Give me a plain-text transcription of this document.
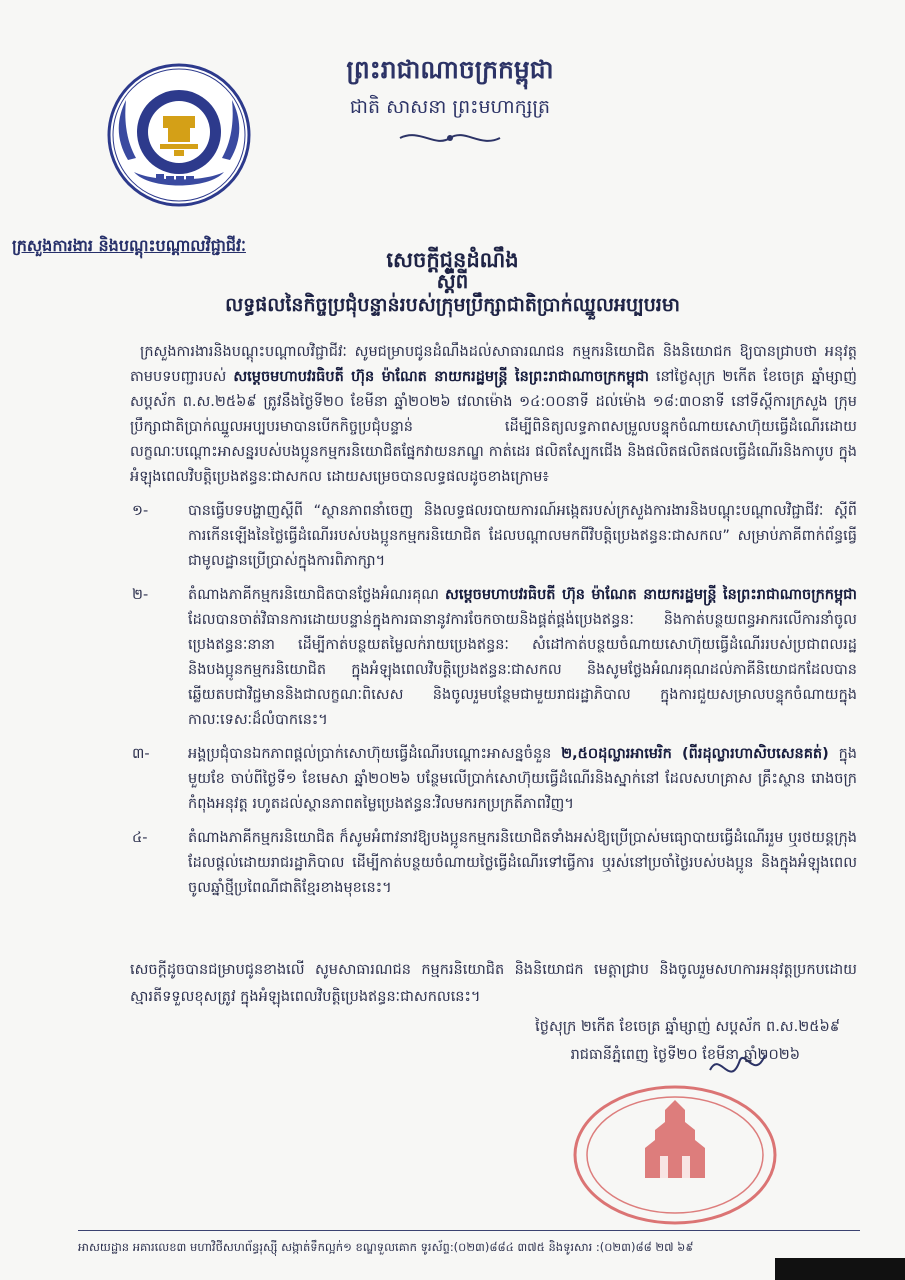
ព្រះរាជាណាចក្រកម្ពុជា
ជាតិ សាសនា ព្រះមហាក្សត្រ
ក្រសួងការងារ និងបណ្តុះបណ្តាលវិជ្ជាជីវៈ
សេចក្តីជូនដំណឹង
ស្តីពី
លទ្ធផលនៃកិច្ចប្រជុំបន្ទាន់របស់ក្រុមប្រឹក្សាជាតិប្រាក់ឈ្នួលអប្បបរមា

ក្រសួងការងារនិងបណ្តុះបណ្តាលវិជ្ជាជីវៈ សូមជម្រាបជូនដំណឹងដល់សាធារណជន កម្មករនិយោជិត និងនិយោជក ឱ្យបានជ្រាបថា អនុវត្តតាមបទបញ្ជារបស់ សម្តេចមហាបវរធិបតី ហ៊ុន ម៉ាណែត នាយករដ្ឋមន្ត្រី នៃព្រះរាជាណាចក្រកម្ពុជា នៅថ្ងៃសុក្រ ២កើត ខែចេត្រ ឆ្នាំម្សាញ់ សប្តស័ក ព.ស.២៥៦៩ ត្រូវនឹងថ្ងៃទី២០ ខែមីនា ឆ្នាំ២០២៦ វេលាម៉ោង ១៤:០០នាទី ដល់ម៉ោង ១៨:៣០នាទី នៅទីស្តីការក្រសួង ក្រុមប្រឹក្សាជាតិប្រាក់ឈ្នួលអប្បបរមាបានបើកកិច្ចប្រជុំបន្ទាន់ ដើម្បីពិនិត្យលទ្ធភាពសម្រួលបន្ទុកចំណាយសោហ៊ុយធ្វើដំណើរដោយលក្ខណៈបណ្តោះអាសន្នរបស់បងប្អូនកម្មករនិយោជិតផ្នែកវាយនភណ្ឌ កាត់ដេរ ផលិតស្បែកជើង និងផលិតផលិតផលធ្វើដំណើរនិងកាបូប ក្នុងអំឡុងពេលវិបត្តិប្រេងឥន្ធនៈជាសកល ដោយសម្រេចបានលទ្ធផលដូចខាងក្រោម៖

១-	បានធ្វើបទបង្ហាញស្តីពី “ស្ថានភាពនាំចេញ និងលទ្ធផលរបាយការណ៍អង្កេតរបស់ក្រសួងការងារនិងបណ្តុះបណ្តាលវិជ្ជាជីវៈ ស្តីពីការកើនឡើងនៃថ្លៃធ្វើដំណើររបស់បងប្អូនកម្មករនិយោជិត ដែលបណ្តាលមកពីវិបត្តិប្រេងឥន្ធនៈជាសកល” សម្រាប់ភាគីពាក់ព័ន្ធធ្វើជាមូលដ្ឋានប្រើប្រាស់ក្នុងការពិភាក្សា។
២-	តំណាងភាគីកម្មករនិយោជិតបានថ្លែងអំណរគុណ សម្តេចមហាបវរធិបតី ហ៊ុន ម៉ាណែត នាយករដ្ឋមន្ត្រី នៃព្រះរាជាណាចក្រកម្ពុជា ដែលបានចាត់វិធានការដោយបន្ទាន់ក្នុងការធានានូវការចែកចាយនិងផ្គត់ផ្គង់ប្រេងឥន្ធនៈ និងកាត់បន្ថយពន្ធអាករលើការនាំចូលប្រេងឥន្ធនៈនានា ដើម្បីកាត់បន្ថយតម្លៃលក់រាយប្រេងឥន្ធនៈ សំដៅកាត់បន្ថយចំណាយសោហ៊ុយធ្វើដំណើររបស់ប្រជាពលរដ្ឋ និងបងប្អូនកម្មករនិយោជិត ក្នុងអំឡុងពេលវិបត្តិប្រេងឥន្ធនៈជាសកល និងសូមថ្លែងអំណរគុណដល់ភាគីនិយោជកដែលបានឆ្លើយតបជាវិជ្ជមាននិងជាលក្ខណៈពិសេស និងចូលរួមបន្ថែមជាមួយរាជរដ្ឋាភិបាល ក្នុងការជួយសម្រាលបន្ទុកចំណាយក្នុងកាលៈទេសៈដ៏លំបាកនេះ។
៣-	អង្គប្រជុំបានឯកភាពផ្តល់ប្រាក់សោហ៊ុយធ្វើដំណើរបណ្តោះអាសន្នចំនួន ២,៥០ដុល្លារអាមេរិក (ពីរដុល្លារហាសិបសេនគត់) ក្នុងមួយខែ ចាប់ពីថ្ងៃទី១ ខែមេសា ឆ្នាំ២០២៦ បន្ថែមលើប្រាក់សោហ៊ុយធ្វើដំណើរនិងស្នាក់នៅ ដែលសហគ្រាស គ្រឹះស្ថាន រោងចក្រកំពុងអនុវត្ត រហូតដល់ស្ថានភាពតម្លៃប្រេងឥន្ធនៈវិលមករកប្រក្រតីភាពវិញ។
៤-	តំណាងភាគីកម្មករនិយោជិត ក៏សូមអំពាវនាវឱ្យបងប្អូនកម្មករនិយោជិតទាំងអស់ឱ្យប្រើប្រាស់មធ្យោបាយធ្វើដំណើររួម ឬរថយន្តក្រុង ដែលផ្តល់ដោយរាជរដ្ឋាភិបាល ដើម្បីកាត់បន្ថយចំណាយថ្លៃធ្វើដំណើរទៅធ្វើការ ឬរស់នៅប្រចាំថ្ងៃរបស់បងប្អូន និងក្នុងអំឡុងពេលចូលឆ្នាំថ្មីប្រពៃណីជាតិខ្មែរខាងមុខនេះ។
សេចក្តីដូចបានជម្រាបជូនខាងលើ សូមសាធារណជន កម្មករនិយោជិត និងនិយោជក មេត្តាជ្រាប និងចូលរួមសហការអនុវត្តប្រកបដោយស្មារតីទទួលខុសត្រូវ ក្នុងអំឡុងពេលវិបត្តិប្រេងឥន្ធនៈជាសកលនេះ។
ថ្ងៃសុក្រ ២កើត ខែចេត្រ ឆ្នាំម្សាញ់ សប្តស័ក ព.ស.២៥៦៩
រាជធានីភ្នំពេញ ថ្ងៃទី២០ ខែមីនា ឆ្នាំ២០២៦
អាសយដ្ឋាន អគារលេខ៣ មហាវិថីសហព័ន្ធរុស្ស៊ី សង្កាត់ទឹកល្អក់១ ខណ្ឌទួលគោក ទូរស័ព្ទ:(០២៣)៨៨៤ ៣៧៥ និងទូរសារ :(០២៣)៨៨ ២៧ ៦៩
